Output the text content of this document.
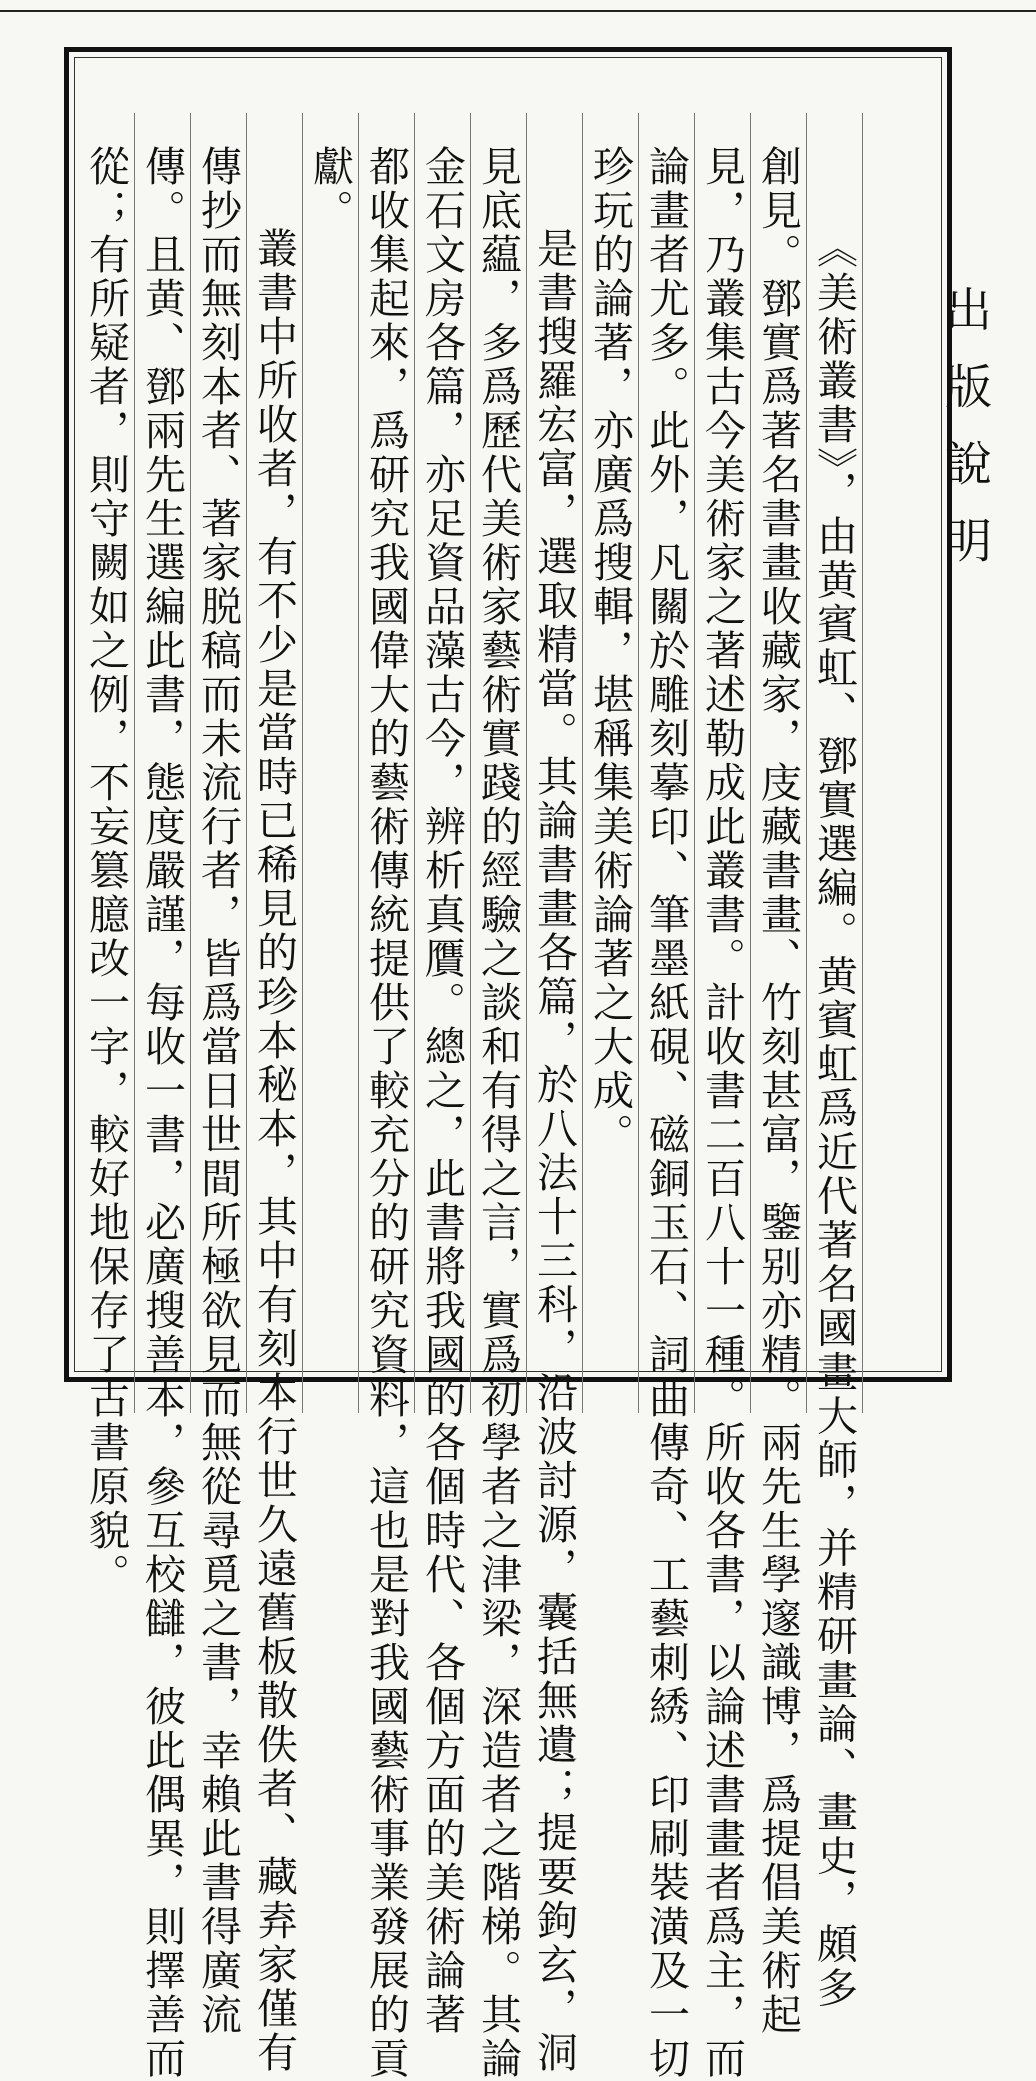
出版說明
《美術叢書》，由黄賓虹、鄧實選編。黄賓虹爲近代著名國畫大師，并精研畫論、畫史，頗多
創見。鄧實爲著名書畫收藏家，庋藏書畫、竹刻甚富，鑒别亦精。兩先生學邃識博，爲提倡美術起
見，乃叢集古今美術家之著述勒成此叢書。計收書二百八十一種。所收各書，以論述書畫者爲主，而
論畫者尤多。此外，凡關於雕刻摹印、筆墨紙硯、磁銅玉石、詞曲傳奇、工藝刺綉、印刷裝潢及一切
珍玩的論著，亦廣爲搜輯，堪稱集美術論著之大成。
是書搜羅宏富，選取精當。其論書畫各篇，於八法十三科，沿波討源，囊括無遺；提要鉤玄，洞
見底藴，多爲歷代美術家藝術實踐的經驗之談和有得之言，實爲初學者之津梁，深造者之階梯。其論
金石文房各篇，亦足資品藻古今，辨析真贋。總之，此書將我國的各個時代、各個方面的美術論著
都收集起來，爲研究我國偉大的藝術傳統提供了較充分的研究資料，這也是對我國藝術事業發展的貢
獻。
叢書中所收者，有不少是當時已稀見的珍本秘本，其中有刻本行世久遠舊板散佚者、藏弆家僅有
傳抄而無刻本者、著家脱稿而未流行者，皆爲當日世間所極欲見而無從尋覓之書，幸賴此書得廣流
傳。且黄、鄧兩先生選編此書，態度嚴謹，每收一書，必廣搜善本，參互校讎，彼此偶異，則擇善而
從；有所疑者，則守闕如之例，不妄篡臆改一字，較好地保存了古書原貌。
